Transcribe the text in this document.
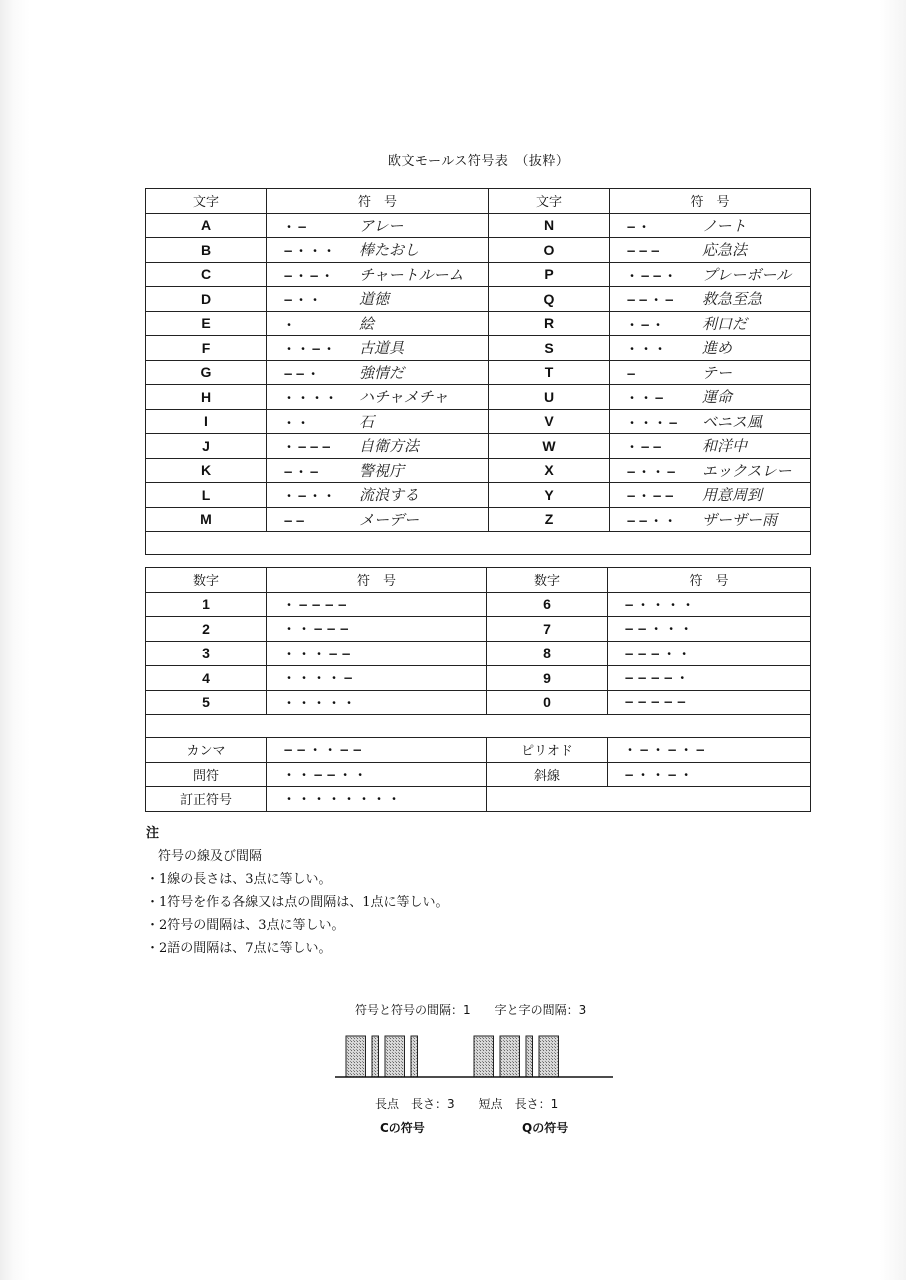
欧文モールス符号表　（抜粋）
文字	符　号	文字	符　号
A	・− アレー	N	−・ ノート
B	−・・・ 棒たおし	O	−−− 応急法
C	−・−・ チャートルーム	P	・−−・ プレーボール
D	−・・ 道徳	Q	−−・− 救急至急
E	・ 絵	R	・−・ 利口だ
F	・・−・ 古道具	S	・・・ 進め
G	−−・ 強情だ	T	− テー
H	・・・・ ハチャメチャ	U	・・− 運命
I	・・ 石	V	・・・− ベニス風
J	・−−− 自衛方法	W	・−− 和洋中
K	−・− 警視庁	X	−・・− エックスレー
L	・−・・ 流浪する	Y	−・−− 用意周到
M	−− メーデー	Z	−−・・ ザーザー雨

数字	符　号	数字	符　号
1	・−−−−	6	−・・・・
2	・・−−−	7	−−・・・
3	・・・−−	8	−−−・・
4	・・・・−	9	−−−−・
5	・・・・・	0	−−−−−

カンマ	−−・・−−	ピリオド	・−・−・−
問符	・・−−・・	斜線	−・・−・
訂正符号	・・・・・・・・		
注
符号の線及び間隔
・1線の長さは、3点に等しい。
・1符号を作る各線又は点の間隔は、1点に等しい。
・2符号の間隔は、3点に等しい。
・2語の間隔は、7点に等しい。
符号と符号の間隔：1　　字と字の間隔：3
長点　長さ：3　　短点　長さ：1
Cの符号	Qの符号
